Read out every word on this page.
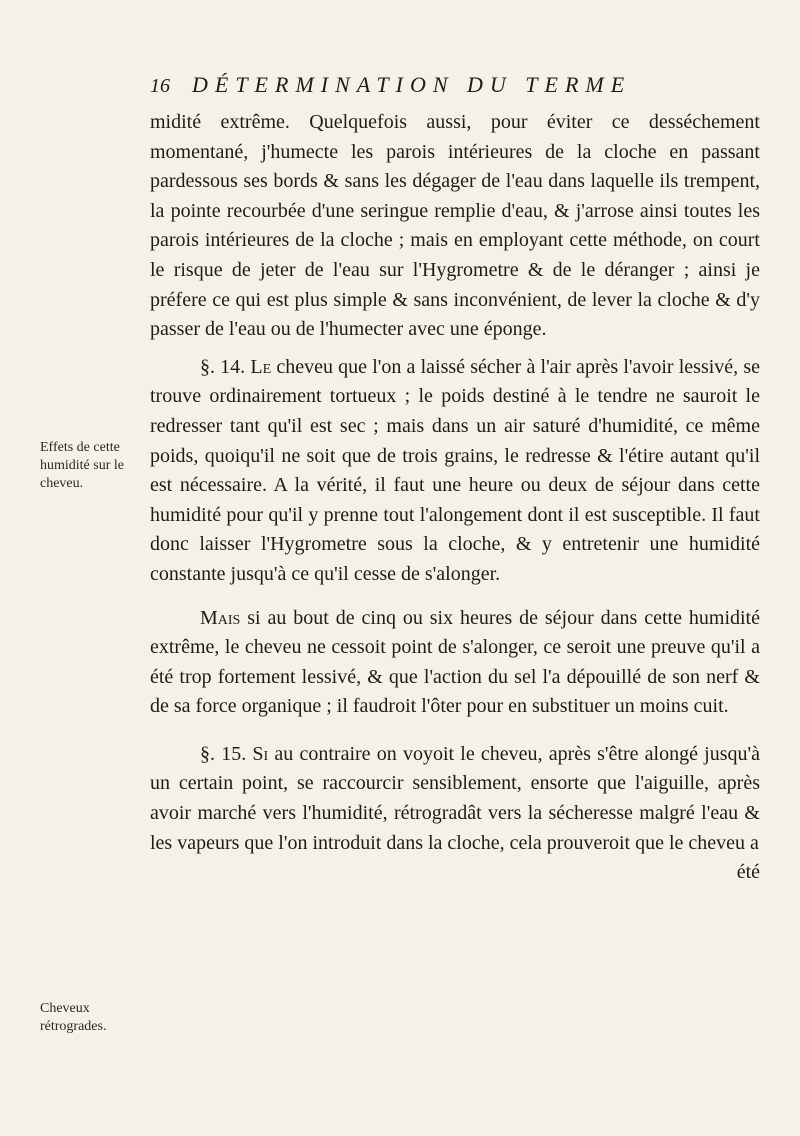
16 DÉTERMINATION DU TERME
Effets de cette humidité sur le cheveu.
Cheveux rétrogrades.

midité extrême. Quelquefois aussi, pour éviter ce desséchement momentané, j'humecte les parois intérieures de la cloche en passant pardessous ses bords & sans les dégager de l'eau dans laquelle ils trempent, la pointe recourbée d'une seringue remplie d'eau, & j'arrose ainsi toutes les parois intérieures de la cloche ; mais en employant cette méthode, on court le risque de jeter de l'eau sur l'Hygrometre & de le déranger ; ainsi je préfere ce qui est plus simple & sans inconvénient, de lever la cloche & d'y passer de l'eau ou de l'humecter avec une éponge.

§. 14. Le cheveu que l'on a laissé sécher à l'air après l'avoir lessivé, se trouve ordinairement tortueux ; le poids destiné à le tendre ne sauroit le redresser tant qu'il est sec ; mais dans un air saturé d'humidité, ce même poids, quoiqu'il ne soit que de trois grains, le redresse & l'étire autant qu'il est nécessaire. A la vérité, il faut une heure ou deux de séjour dans cette humidité pour qu'il y prenne tout l'alongement dont il est susceptible. Il faut donc laisser l'Hygrometre sous la cloche, & y entretenir une humidité constante jusqu'à ce qu'il cesse de s'alonger.

Mais si au bout de cinq ou six heures de séjour dans cette humidité extrême, le cheveu ne cessoit point de s'alonger, ce seroit une preuve qu'il a été trop fortement lessivé, & que l'action du sel l'a dépouillé de son nerf & de sa force organique ; il faudroit l'ôter pour en substituer un moins cuit.

§. 15. Si au contraire on voyoit le cheveu, après s'être alongé jusqu'à un certain point, se raccourcir sensiblement, ensorte que l'aiguille, après avoir marché vers l'humidité, rétrogradât vers la sécheresse malgré l'eau & les vapeurs que l'on introduit dans la cloche, cela prouveroit que le cheveu a

été
